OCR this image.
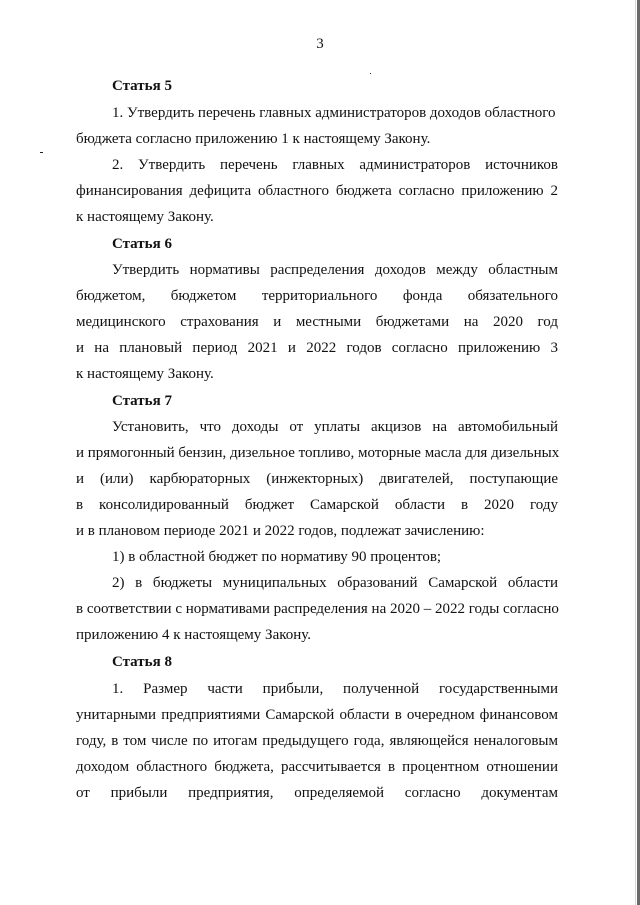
3
Статья 5
1. Утвердить перечень главных администраторов доходов областного
бюджета согласно приложению 1 к настоящему Закону.
2. Утвердить перечень главных администраторов источников
финансирования дефицита областного бюджета согласно приложению 2
к настоящему Закону.
Статья 6
Утвердить нормативы распределения доходов между областным
бюджетом, бюджетом территориального фонда обязательного
медицинского страхования и местными бюджетами на 2020 год
и на плановый период 2021 и 2022 годов согласно приложению 3
к настоящему Закону.
Статья 7
Установить, что доходы от уплаты акцизов на автомобильный
и прямогонный бензин, дизельное топливо, моторные масла для дизельных
и (или) карбюраторных (инжекторных) двигателей, поступающие
в консолидированный бюджет Самарской области в 2020 году
и в плановом периоде 2021 и 2022 годов, подлежат зачислению:
1) в областной бюджет по нормативу 90 процентов;
2) в бюджеты муниципальных образований Самарской области
в соответствии с нормативами распределения на 2020 – 2022 годы согласно
приложению 4 к настоящему Закону.
Статья 8
1. Размер части прибыли, полученной государственными
унитарными предприятиями Самарской области в очередном финансовом
году, в том числе по итогам предыдущего года, являющейся неналоговым
доходом областного бюджета, рассчитывается в процентном отношении
от прибыли предприятия, определяемой согласно документам
